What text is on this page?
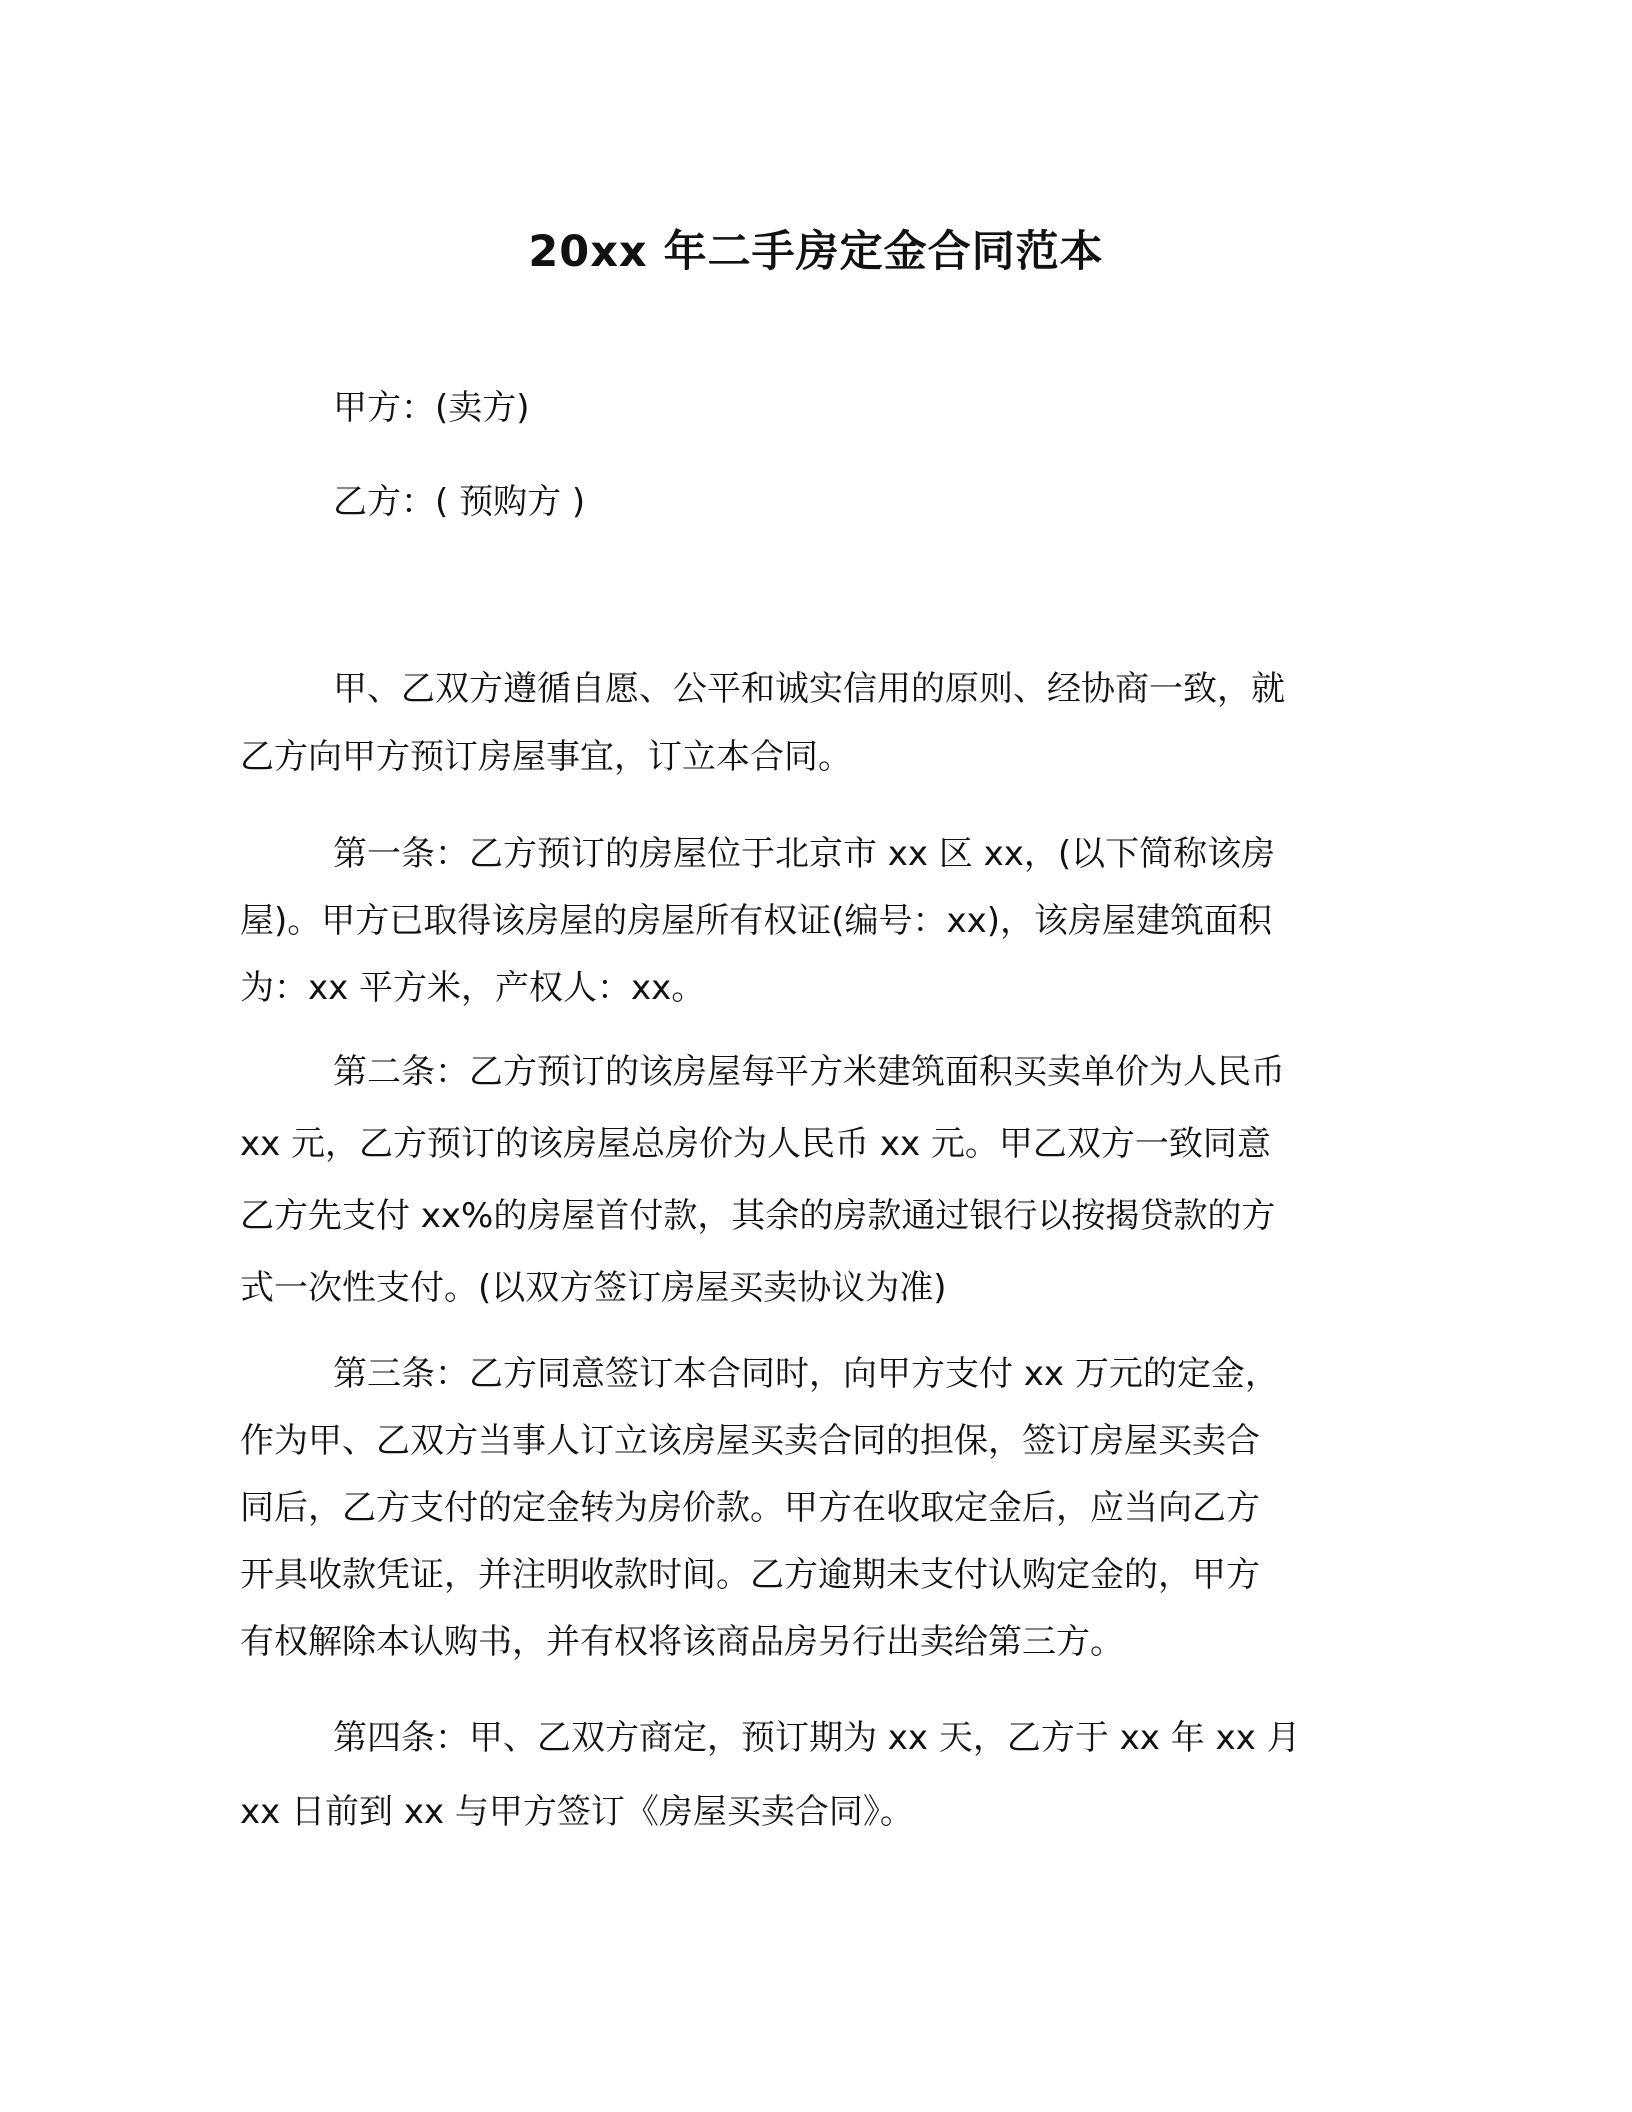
20xx 年二手房定金合同范本
甲方：(卖方)
乙方：( 预购方 )
甲、乙双方遵循自愿、公平和诚实信用的原则、经协商一致，就
乙方向甲方预订房屋事宜，订立本合同。
第一条：乙方预订的房屋位于北京市 xx 区 xx，(以下简称该房
屋)。甲方已取得该房屋的房屋所有权证(编号：xx)，该房屋建筑面积
为：xx 平方米，产权人：xx。
第二条：乙方预订的该房屋每平方米建筑面积买卖单价为人民币
xx 元，乙方预订的该房屋总房价为人民币 xx 元。甲乙双方一致同意
乙方先支付 xx%的房屋首付款，其余的房款通过银行以按揭贷款的方
式一次性支付。(以双方签订房屋买卖协议为准)
第三条：乙方同意签订本合同时，向甲方支付 xx 万元的定金，
作为甲、乙双方当事人订立该房屋买卖合同的担保，签订房屋买卖合
同后，乙方支付的定金转为房价款。甲方在收取定金后，应当向乙方
开具收款凭证，并注明收款时间。乙方逾期未支付认购定金的，甲方
有权解除本认购书，并有权将该商品房另行出卖给第三方。
第四条：甲、乙双方商定，预订期为 xx 天，乙方于 xx 年 xx 月
xx 日前到 xx 与甲方签订《房屋买卖合同》。
